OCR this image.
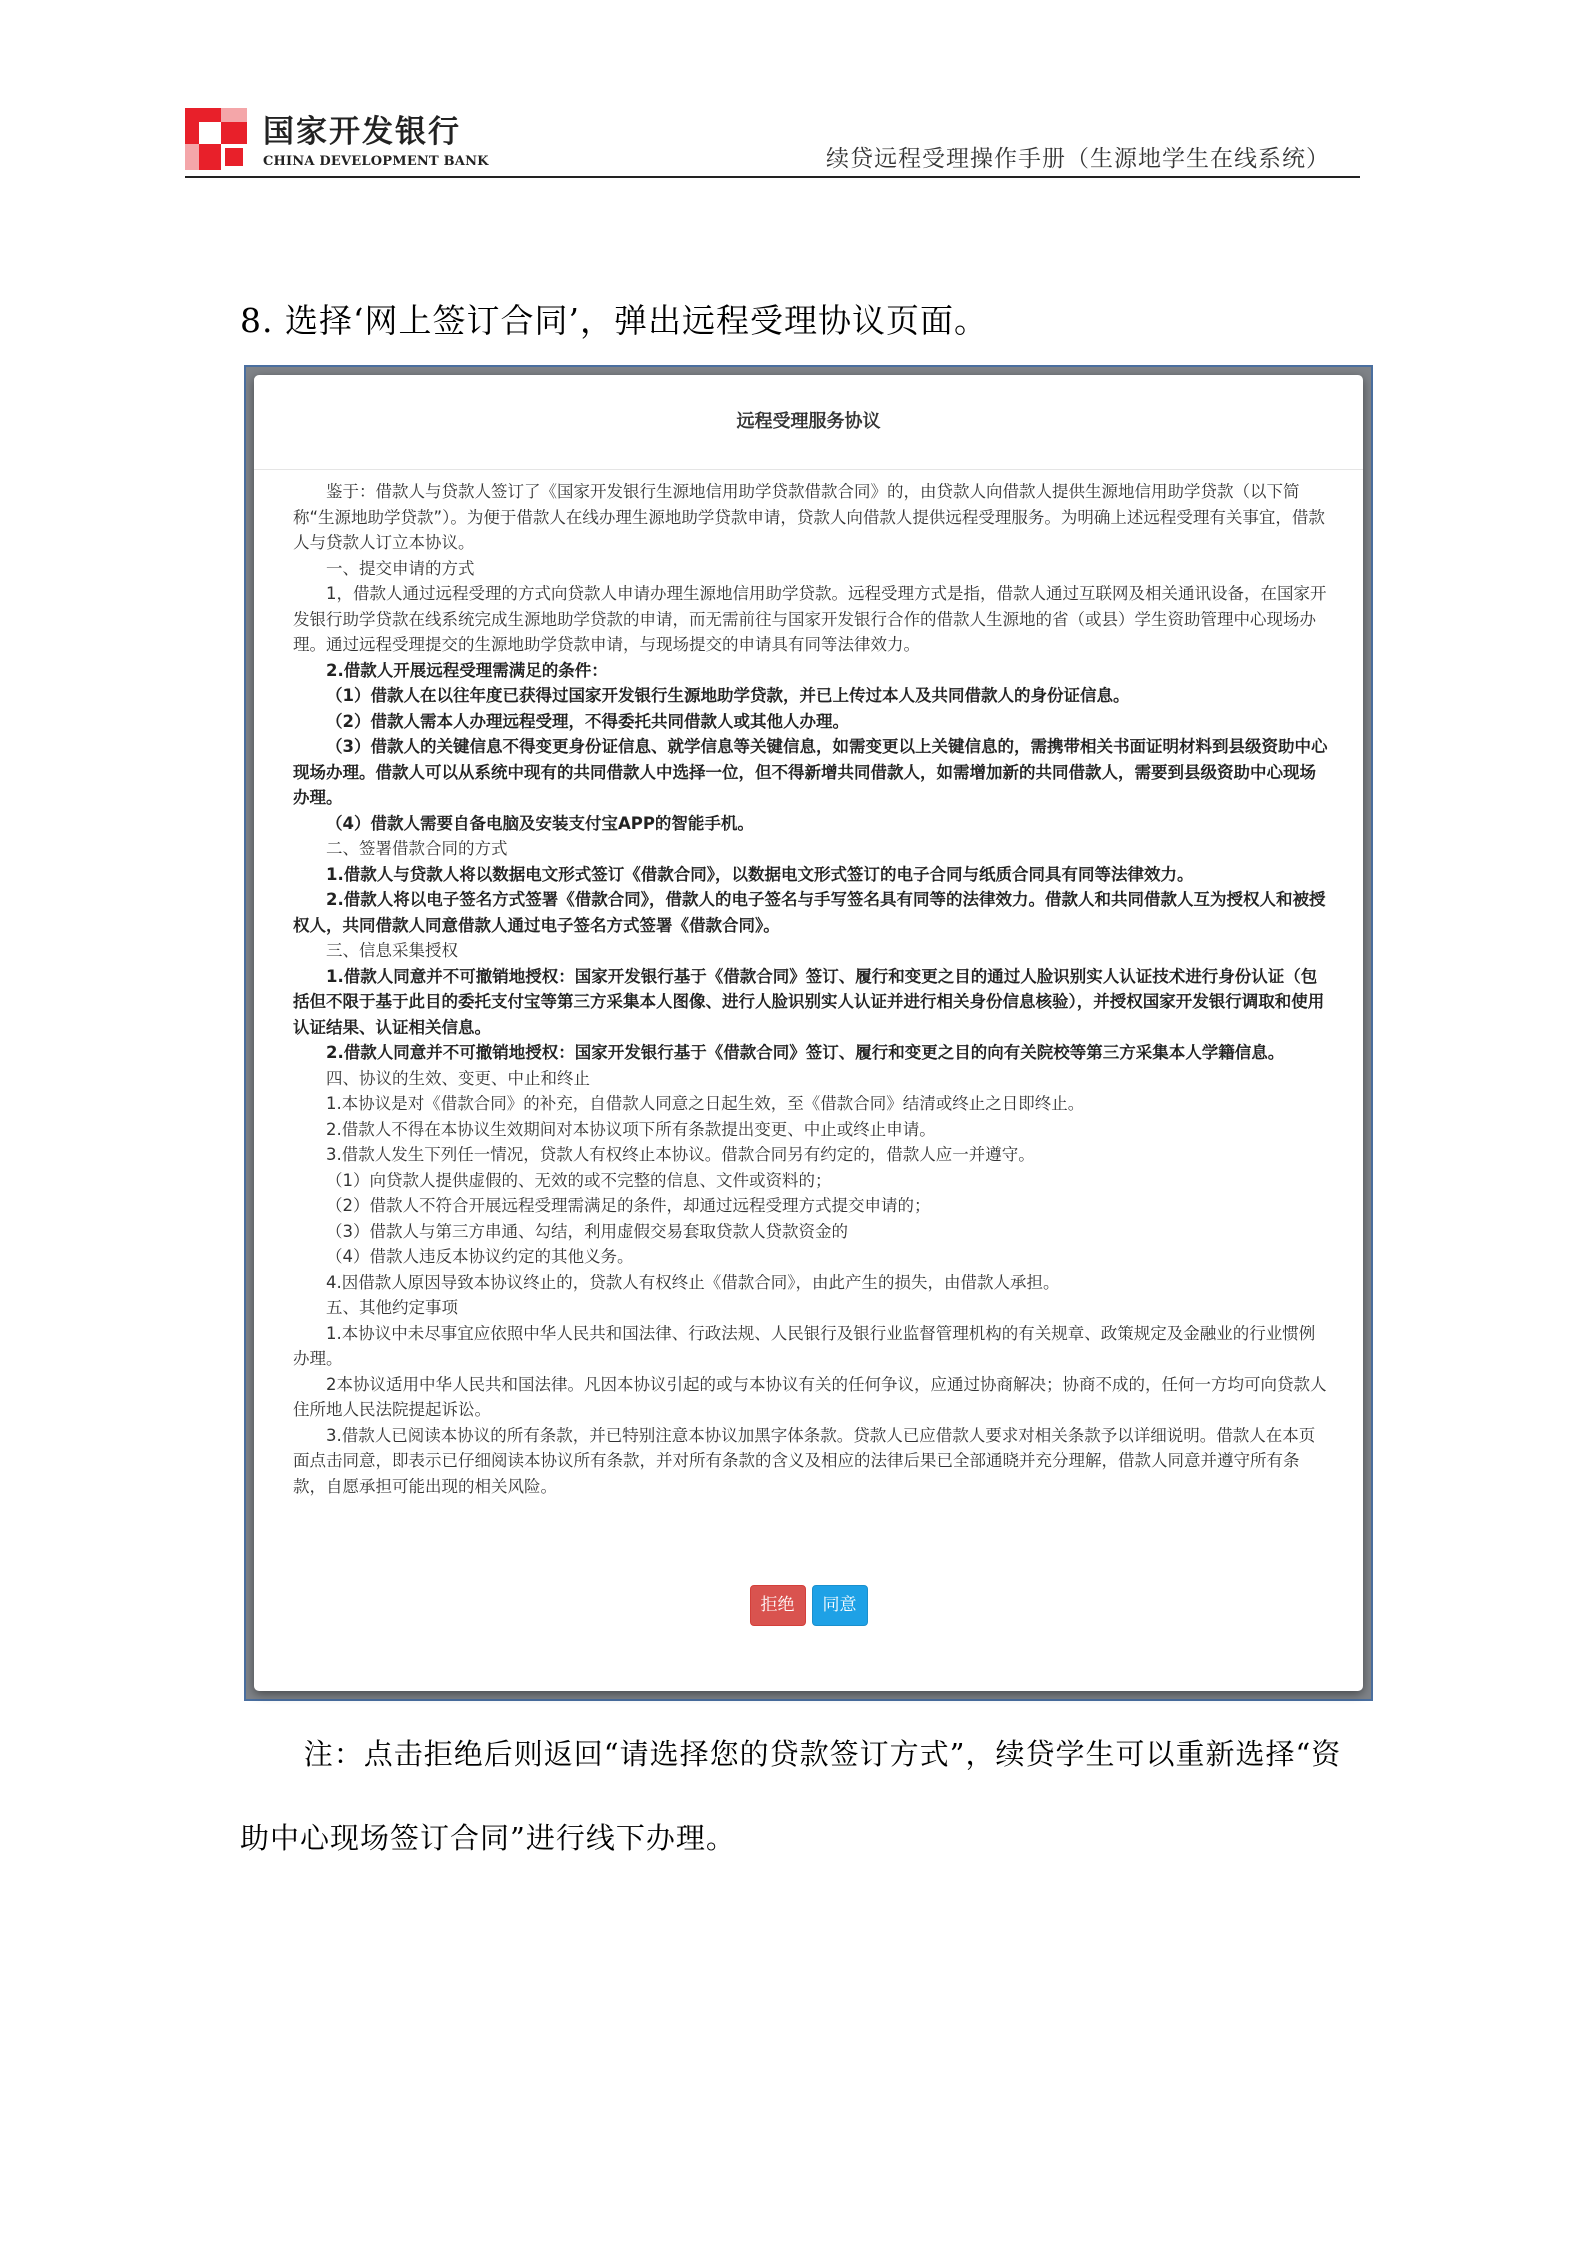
国家开发银行
CHINA DEVELOPMENT BANK	续贷远程受理操作手册（生源地学生在线系统）
8. 选择‘网上签订合同’，弹出远程受理协议页面。
远程受理服务协议

鉴于：借款人与贷款人签订了《国家开发银行生源地信用助学贷款借款合同》的，由贷款人向借款人提供生源地信用助学贷款（以下简称“生源地助学贷款”）。为便于借款人在线办理生源地助学贷款申请，贷款人向借款人提供远程受理服务。为明确上述远程受理有关事宜，借款人与贷款人订立本协议。

一、提交申请的方式

1，借款人通过远程受理的方式向贷款人申请办理生源地信用助学贷款。远程受理方式是指，借款人通过互联网及相关通讯设备，在国家开发银行助学贷款在线系统完成生源地助学贷款的申请，而无需前往与国家开发银行合作的借款人生源地的省（或县）学生资助管理中心现场办理。通过远程受理提交的生源地助学贷款申请，与现场提交的申请具有同等法律效力。

2.借款人开展远程受理需满足的条件：

（1）借款人在以往年度已获得过国家开发银行生源地助学贷款，并已上传过本人及共同借款人的身份证信息。

（2）借款人需本人办理远程受理，不得委托共同借款人或其他人办理。

（3）借款人的关键信息不得变更身份证信息、就学信息等关键信息，如需变更以上关键信息的，需携带相关书面证明材料到县级资助中心现场办理。借款人可以从系统中现有的共同借款人中选择一位，但不得新增共同借款人，如需增加新的共同借款人，需要到县级资助中心现场办理。

（4）借款人需要自备电脑及安装支付宝APP的智能手机。

二、签署借款合同的方式

1.借款人与贷款人将以数据电文形式签订《借款合同》，以数据电文形式签订的电子合同与纸质合同具有同等法律效力。

2.借款人将以电子签名方式签署《借款合同》，借款人的电子签名与手写签名具有同等的法律效力。借款人和共同借款人互为授权人和被授权人，共同借款人同意借款人通过电子签名方式签署《借款合同》。

三、信息采集授权

1.借款人同意并不可撤销地授权：国家开发银行基于《借款合同》签订、履行和变更之目的通过人脸识别实人认证技术进行身份认证（包括但不限于基于此目的委托支付宝等第三方采集本人图像、进行人脸识别实人认证并进行相关身份信息核验），并授权国家开发银行调取和使用认证结果、认证相关信息。

2.借款人同意并不可撤销地授权：国家开发银行基于《借款合同》签订、履行和变更之目的向有关院校等第三方采集本人学籍信息。

四、协议的生效、变更、中止和终止

1.本协议是对《借款合同》的补充，自借款人同意之日起生效，至《借款合同》结清或终止之日即终止。

2.借款人不得在本协议生效期间对本协议项下所有条款提出变更、中止或终止申请。

3.借款人发生下列任一情况，贷款人有权终止本协议。借款合同另有约定的，借款人应一并遵守。

（1）向贷款人提供虚假的、无效的或不完整的信息、文件或资料的；

（2）借款人不符合开展远程受理需满足的条件，却通过远程受理方式提交申请的；

（3）借款人与第三方串通、勾结，利用虚假交易套取贷款人贷款资金的

（4）借款人违反本协议约定的其他义务。

4.因借款人原因导致本协议终止的，贷款人有权终止《借款合同》，由此产生的损失，由借款人承担。

五、其他约定事项

1.本协议中未尽事宜应依照中华人民共和国法律、行政法规、人民银行及银行业监督管理机构的有关规章、政策规定及金融业的行业惯例办理。

2本协议适用中华人民共和国法律。凡因本协议引起的或与本协议有关的任何争议，应通过协商解决；协商不成的，任何一方均可向贷款人住所地人民法院提起诉讼。

3.借款人已阅读本协议的所有条款，并已特别注意本协议加黑字体条款。贷款人已应借款人要求对相关条款予以详细说明。借款人在本页面点击同意，即表示已仔细阅读本协议所有条款，并对所有条款的含义及相应的法律后果已全部通晓并充分理解，借款人同意并遵守所有条款，自愿承担可能出现的相关风险。

拒绝 同意

注：点击拒绝后则返回“请选择您的贷款签订方式”，续贷学生可以重新选择“资助中心现场签订合同”进行线下办理。
